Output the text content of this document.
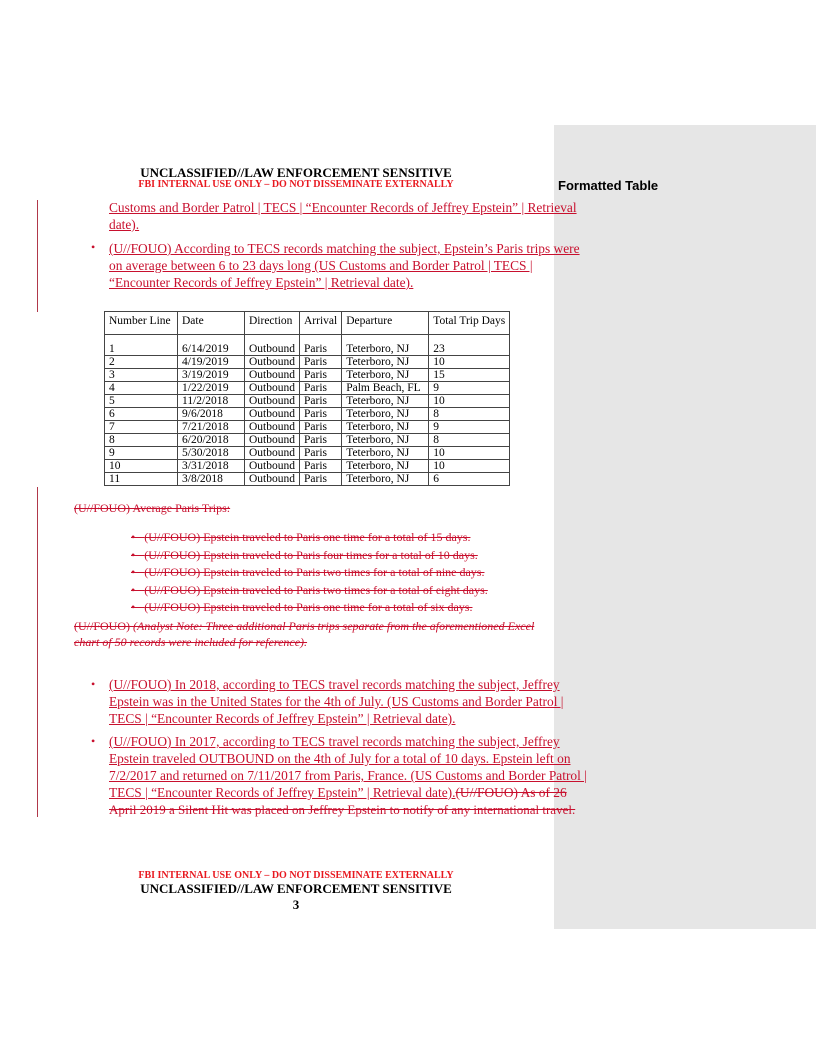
Formatted Table
UNCLASSIFIED//LAW ENFORCEMENT SENSITIVE
FBI INTERNAL USE ONLY – DO NOT DISSEMINATE EXTERNALLY
Customs and Border Patrol | TECS | “Encounter Records of Jeffrey Epstein” | Retrieval
date).
• (U//FOUO) According to TECS records matching the subject, Epstein’s Paris trips were
on average between 6 to 23 days long (US Customs and Border Patrol | TECS |
“Encounter Records of Jeffrey Epstein” | Retrieval date).
Number Line	Date	Direction	Arrival	Departure	Total Trip Days

1	6/14/2019	Outbound	Paris	Teterboro, NJ	23
2	4/19/2019	Outbound	Paris	Teterboro, NJ	10
3	3/19/2019	Outbound	Paris	Teterboro, NJ	15
4	1/22/2019	Outbound	Paris	Palm Beach, FL	9
5	11/2/2018	Outbound	Paris	Teterboro, NJ	10
6	9/6/2018	Outbound	Paris	Teterboro, NJ	8
7	7/21/2018	Outbound	Paris	Teterboro, NJ	9
8	6/20/2018	Outbound	Paris	Teterboro, NJ	8
9	5/30/2018	Outbound	Paris	Teterboro, NJ	10
10	3/31/2018	Outbound	Paris	Teterboro, NJ	10
11	3/8/2018	Outbound	Paris	Teterboro, NJ	6
(U//FOUO) Average Paris Trips:
•   (U//FOUO) Epstein traveled to Paris one time for a total of 15 days.
•   (U//FOUO) Epstein traveled to Paris four times for a total of 10 days.
•   (U//FOUO) Epstein traveled to Paris two times for a total of nine days.
•   (U//FOUO) Epstein traveled to Paris two times for a total of eight days.
•   (U//FOUO) Epstein traveled to Paris one time for a total of six days.
(U//FOUO) (Analyst Note: Three additional Paris trips separate from the aforementioned Excel
chart of 50 records were included for reference).
• (U//FOUO) In 2018, according to TECS travel records matching the subject, Jeffrey
Epstein was in the United States for the 4th of July. (US Customs and Border Patrol |
TECS | “Encounter Records of Jeffrey Epstein” | Retrieval date).
• (U//FOUO) In 2017, according to TECS travel records matching the subject, Jeffrey
Epstein traveled OUTBOUND on the 4th of July for a total of 10 days. Epstein left on
7/2/2017 and returned on 7/11/2017 from Paris, France. (US Customs and Border Patrol |
TECS | “Encounter Records of Jeffrey Epstein” | Retrieval date).(U//FOUO) As of 26
April 2019 a Silent Hit was placed on Jeffrey Epstein to notify of any international travel.
FBI INTERNAL USE ONLY – DO NOT DISSEMINATE EXTERNALLY
UNCLASSIFIED//LAW ENFORCEMENT SENSITIVE
3
